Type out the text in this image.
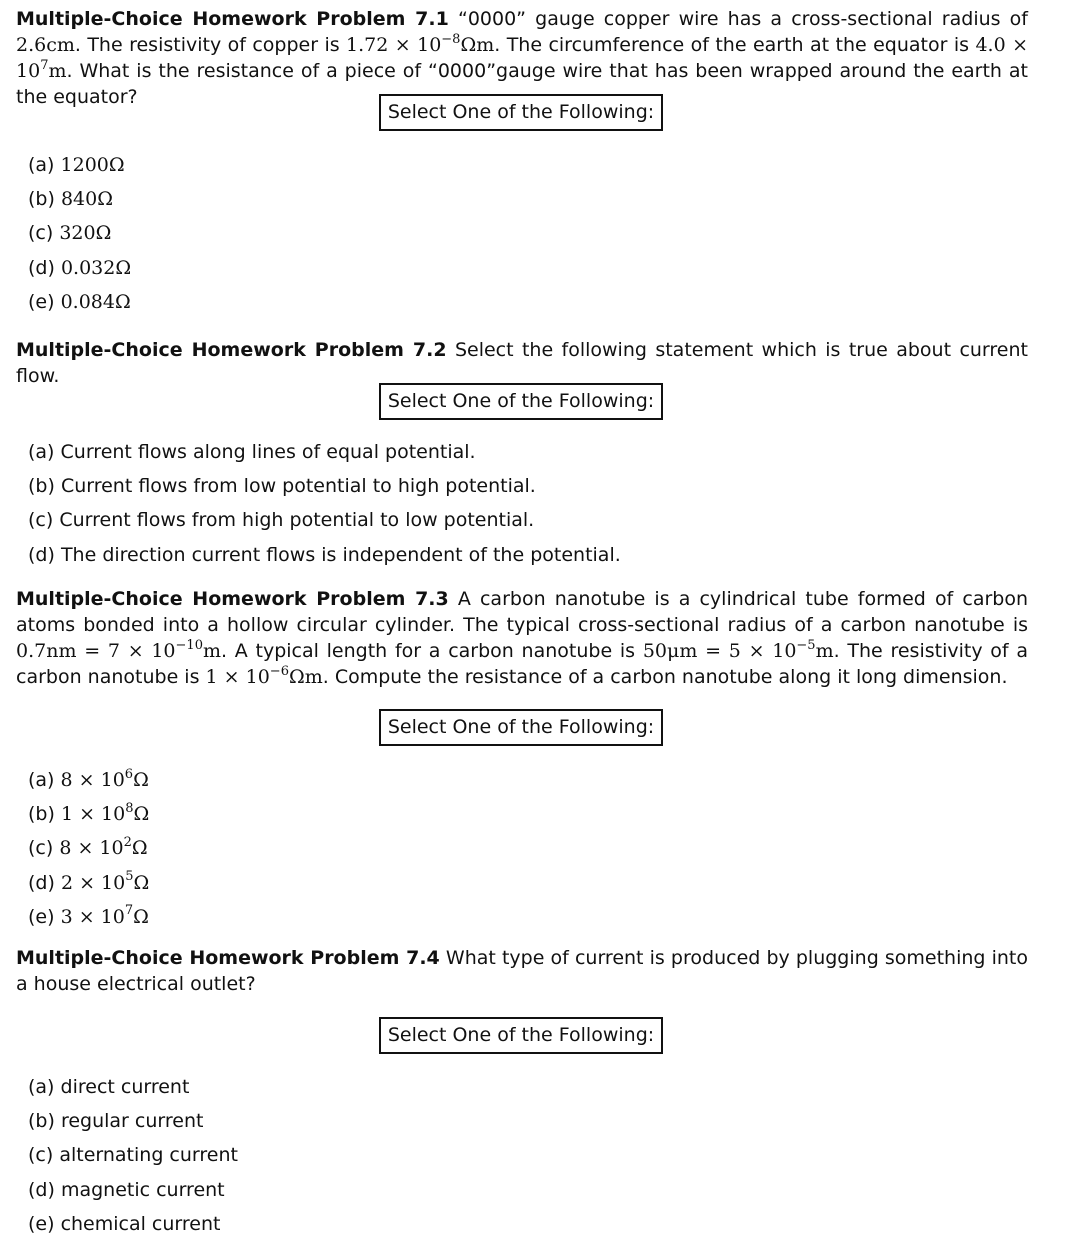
Multiple-Choice Homework Problem 7.1 “0000” gauge copper wire has a cross-sectional radius of 2.6cm. The resistivity of copper is $1.72 \times 10^{-8}\Omega m$. The circumference of the earth at the equator is $4.0 \times 10^7m$. What is the resistance of a piece of “0000”gauge wire that has been wrapped around the earth at the equator?

Select One of the Following:
(a) 1200Ω
(b) 840Ω
(c) 320Ω
(d) 0.032Ω
(e) 0.084Ω

Multiple-Choice Homework Problem 7.2 Select the following statement which is true about current flow.

Select One of the Following:
(a) Current flows along lines of equal potential.
(b) Current flows from low potential to high potential.
(c) Current flows from high potential to low potential.
(d) The direction current flows is independent of the potential.

Multiple-Choice Homework Problem 7.3 A carbon nanotube is a cylindrical tube formed of carbon atoms bonded into a hollow circular cylinder. The typical cross-sectional radius of a carbon nanotube is $0.7nm = 7 \times 10^{-10}m$. A typical length for a carbon nanotube is $50\mu m = 5 \times 10^{-5}m$. The resistivity of a carbon nanotube is $1 \times 10^{-6}\Omega m$. Compute the resistance of a carbon nanotube along it long dimension.

Select One of the Following:
(a) $8 \times 10^6\Omega$
(b) $1 \times 10^8\Omega$
(c) $8 \times 10^2\Omega$
(d) $2 \times 10^5\Omega$
(e) $3 \times 10^7\Omega$

Multiple-Choice Homework Problem 7.4 What type of current is produced by plugging something into a house electrical outlet?

Select One of the Following:
(a) direct current
(b) regular current
(c) alternating current
(d) magnetic current
(e) chemical current
